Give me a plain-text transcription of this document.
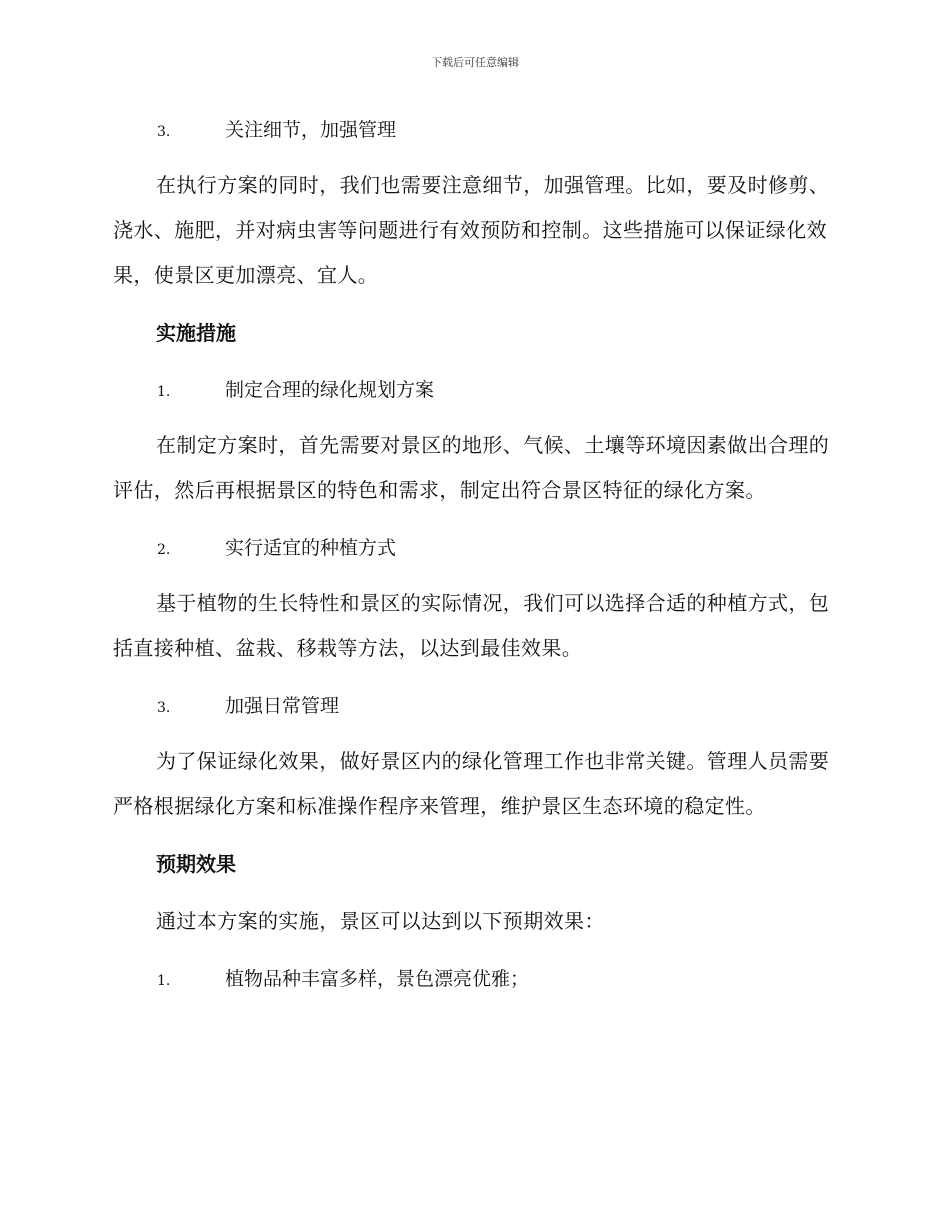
下载后可任意编辑
3.	关注细节，加强管理

在执行方案的同时，我们也需要注意细节，加强管理。比如，要及时修剪、浇水、施肥，并对病虫害等问题进行有效预防和控制。这些措施可以保证绿化效果，使景区更加漂亮、宜人。

实施措施
1.	制定合理的绿化规划方案

在制定方案时，首先需要对景区的地形、气候、土壤等环境因素做出合理的评估，然后再根据景区的特色和需求，制定出符合景区特征的绿化方案。

2.	实行适宜的种植方式

基于植物的生长特性和景区的实际情况，我们可以选择合适的种植方式，包括直接种植、盆栽、移栽等方法，以达到最佳效果。

3.	加强日常管理

为了保证绿化效果，做好景区内的绿化管理工作也非常关键。管理人员需要严格根据绿化方案和标准操作程序来管理，维护景区生态环境的稳定性。

预期效果

通过本方案的实施，景区可以达到以下预期效果：

1.	植物品种丰富多样，景色漂亮优雅；
